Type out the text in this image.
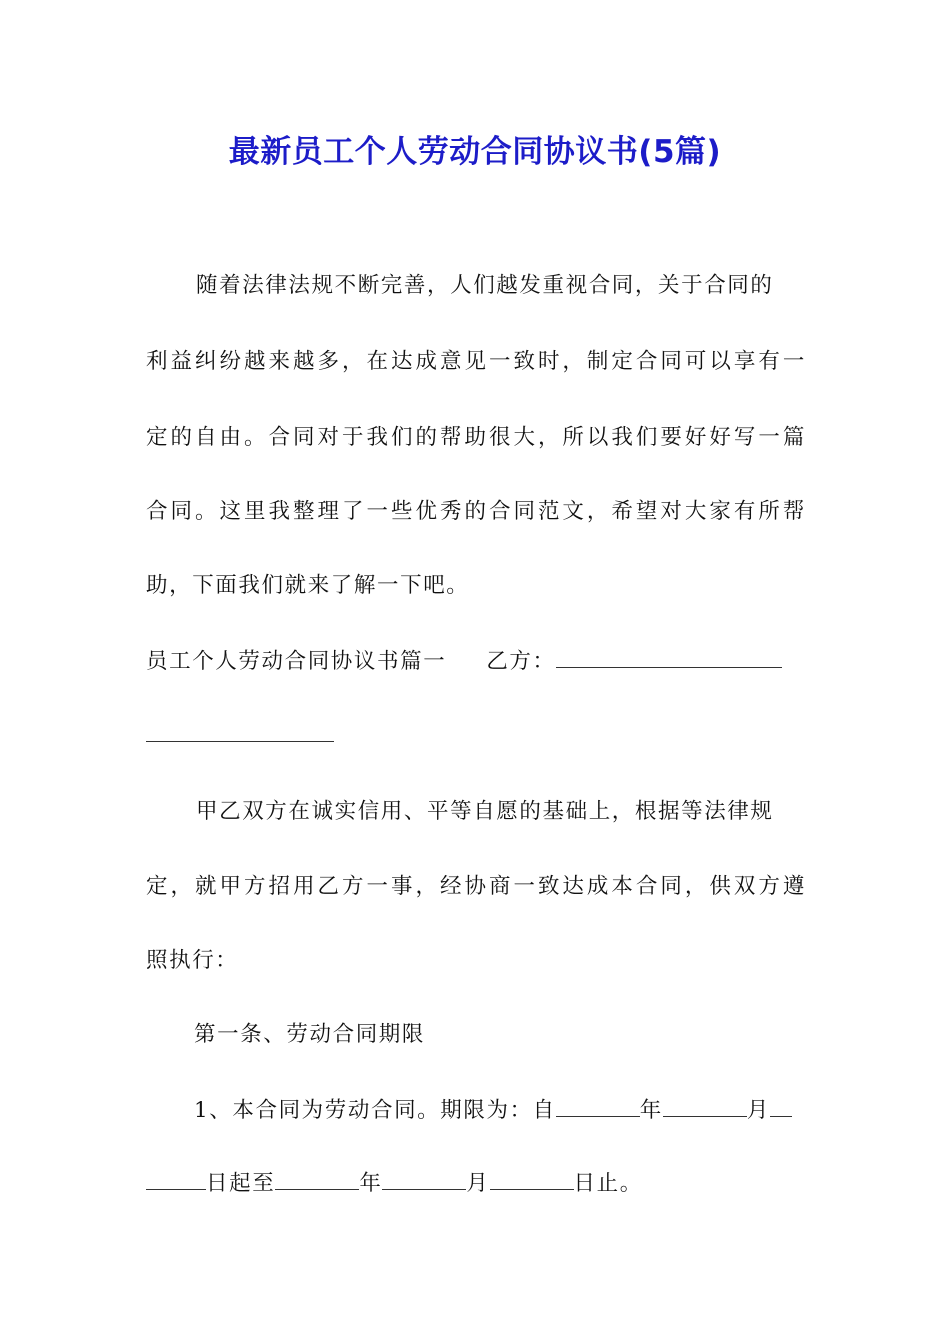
最新员工个人劳动合同协议书(5篇)
随着法律法规不断完善，人们越发重视合同，关于合同的
利益纠纷越来越多，在达成意见一致时，制定合同可以享有一
定的自由。合同对于我们的帮助很大，所以我们要好好写一篇
合同。这里我整理了一些优秀的合同范文，希望对大家有所帮
助，下面我们就来了解一下吧。
员工个人劳动合同协议书篇一 乙方：
甲乙双方在诚实信用、平等自愿的基础上，根据等法律规
定，就甲方招用乙方一事，经协商一致达成本合同，供双方遵
照执行：
第一条、劳动合同期限
1、本合同为劳动合同。期限为：自	年	月
日起至	年	月	日止。
